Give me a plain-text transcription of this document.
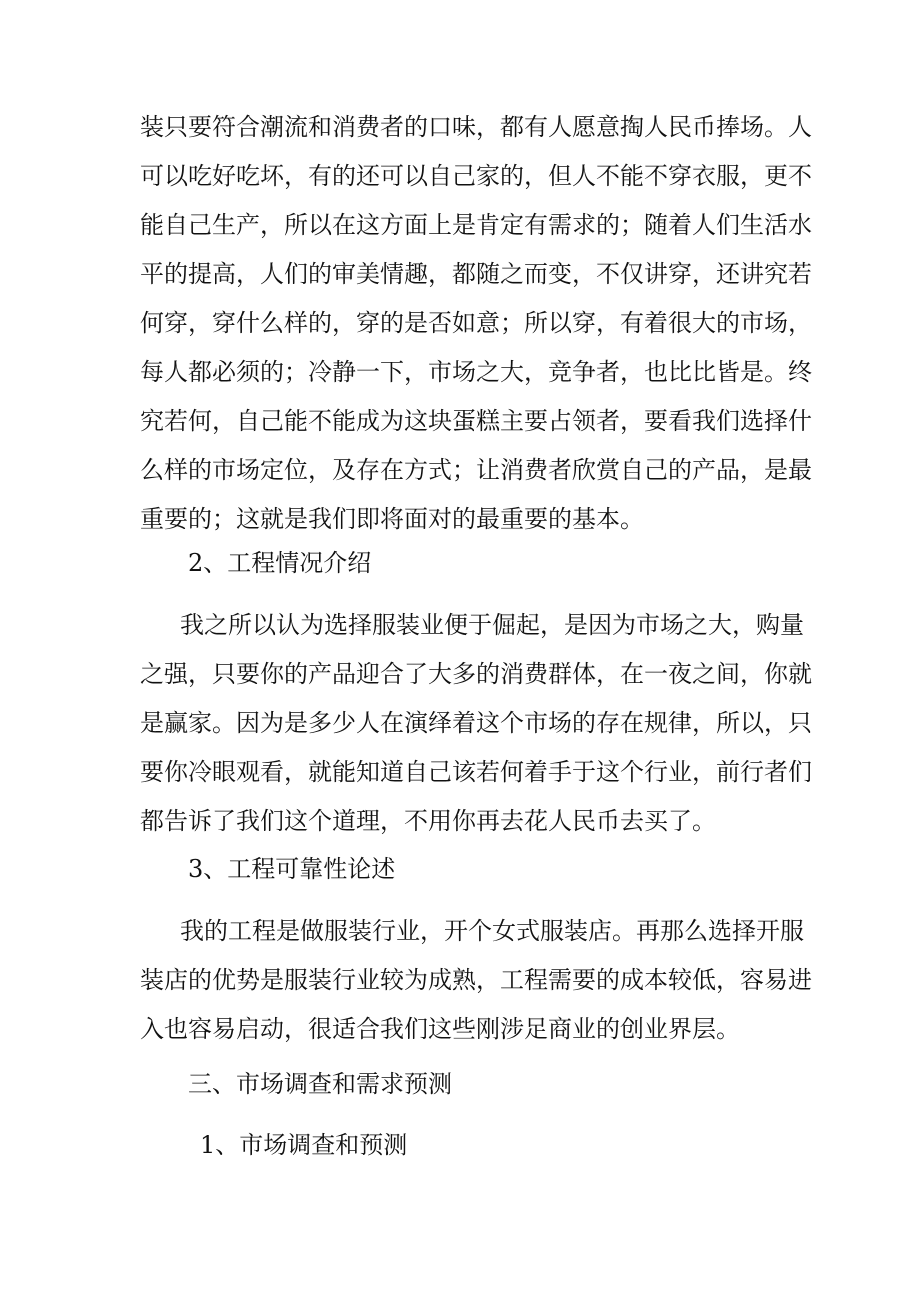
装只要符合潮流和消费者的口味，都有人愿意掏人民币捧场。人
可以吃好吃坏，有的还可以自己家的，但人不能不穿衣服，更不
能自己生产，所以在这方面上是肯定有需求的；随着人们生活水
平的提高，人们的审美情趣，都随之而变，不仅讲穿，还讲究若
何穿，穿什么样的，穿的是否如意；所以穿，有着很大的市场，
每人都必须的；冷静一下，市场之大，竞争者，也比比皆是。终
究若何，自己能不能成为这块蛋糕主要占领者，要看我们选择什
么样的市场定位，及存在方式；让消费者欣赏自己的产品，是最
重要的；这就是我们即将面对的最重要的基本。
2、工程情况介绍
我之所以认为选择服装业便于倔起，是因为市场之大，购量
之强，只要你的产品迎合了大多的消费群体，在一夜之间，你就
是赢家。因为是多少人在演绎着这个市场的存在规律，所以，只
要你冷眼观看，就能知道自己该若何着手于这个行业，前行者们
都告诉了我们这个道理，不用你再去花人民币去买了。
3、工程可靠性论述
我的工程是做服装行业，开个女式服装店。再那么选择开服
装店的优势是服装行业较为成熟，工程需要的成本较低，容易进
入也容易启动，很适合我们这些刚涉足商业的创业界层。
三、市场调查和需求预测
1、市场调查和预测
